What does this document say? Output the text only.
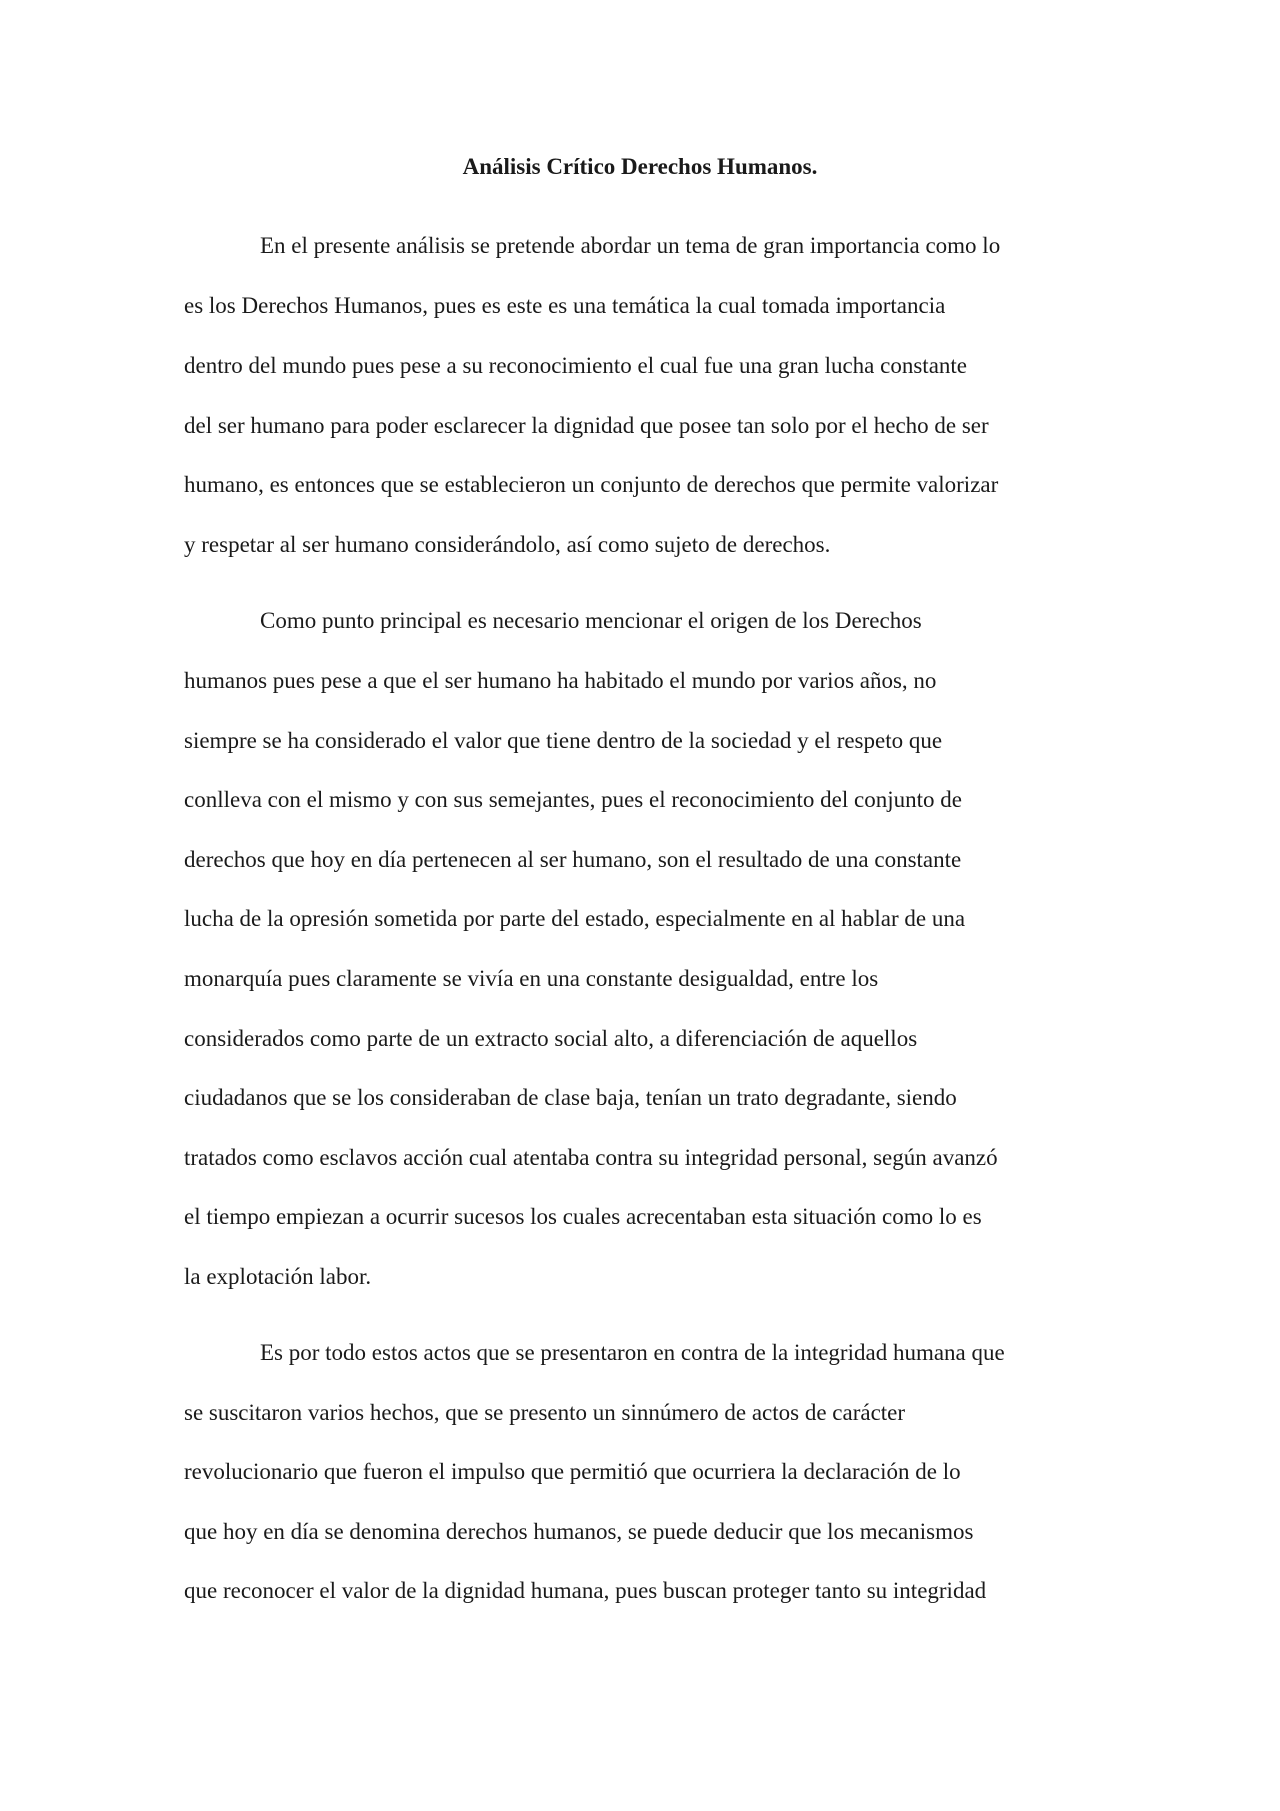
Análisis Crítico Derechos Humanos.
En el presente análisis se pretende abordar un tema de gran importancia como lo
es los Derechos Humanos, pues es este es una temática la cual tomada importancia
dentro del mundo pues pese a su reconocimiento el cual fue una gran lucha constante
del ser humano para poder esclarecer la dignidad que posee tan solo por el hecho de ser
humano, es entonces que se establecieron un conjunto de derechos que permite valorizar
y respetar al ser humano considerándolo, así como sujeto de derechos.
Como punto principal es necesario mencionar el origen de los Derechos
humanos pues pese a que el ser humano ha habitado el mundo por varios años, no
siempre se ha considerado el valor que tiene dentro de la sociedad y el respeto que
conlleva con el mismo y con sus semejantes, pues el reconocimiento del conjunto de
derechos que hoy en día pertenecen al ser humano, son el resultado de una constante
lucha de la opresión sometida por parte del estado, especialmente en al hablar de una
monarquía pues claramente se vivía en una constante desigualdad, entre los
considerados como parte de un extracto social alto, a diferenciación de aquellos
ciudadanos que se los consideraban de clase baja, tenían un trato degradante, siendo
tratados como esclavos acción cual atentaba contra su integridad personal, según avanzó
el tiempo empiezan a ocurrir sucesos los cuales acrecentaban esta situación como lo es
la explotación labor.
Es por todo estos actos que se presentaron en contra de la integridad humana que
se suscitaron varios hechos, que se presento un sinnúmero de actos de carácter
revolucionario que fueron el impulso que permitió que ocurriera la declaración de lo
que hoy en día se denomina derechos humanos, se puede deducir que los mecanismos
que reconocer el valor de la dignidad humana, pues buscan proteger tanto su integridad
